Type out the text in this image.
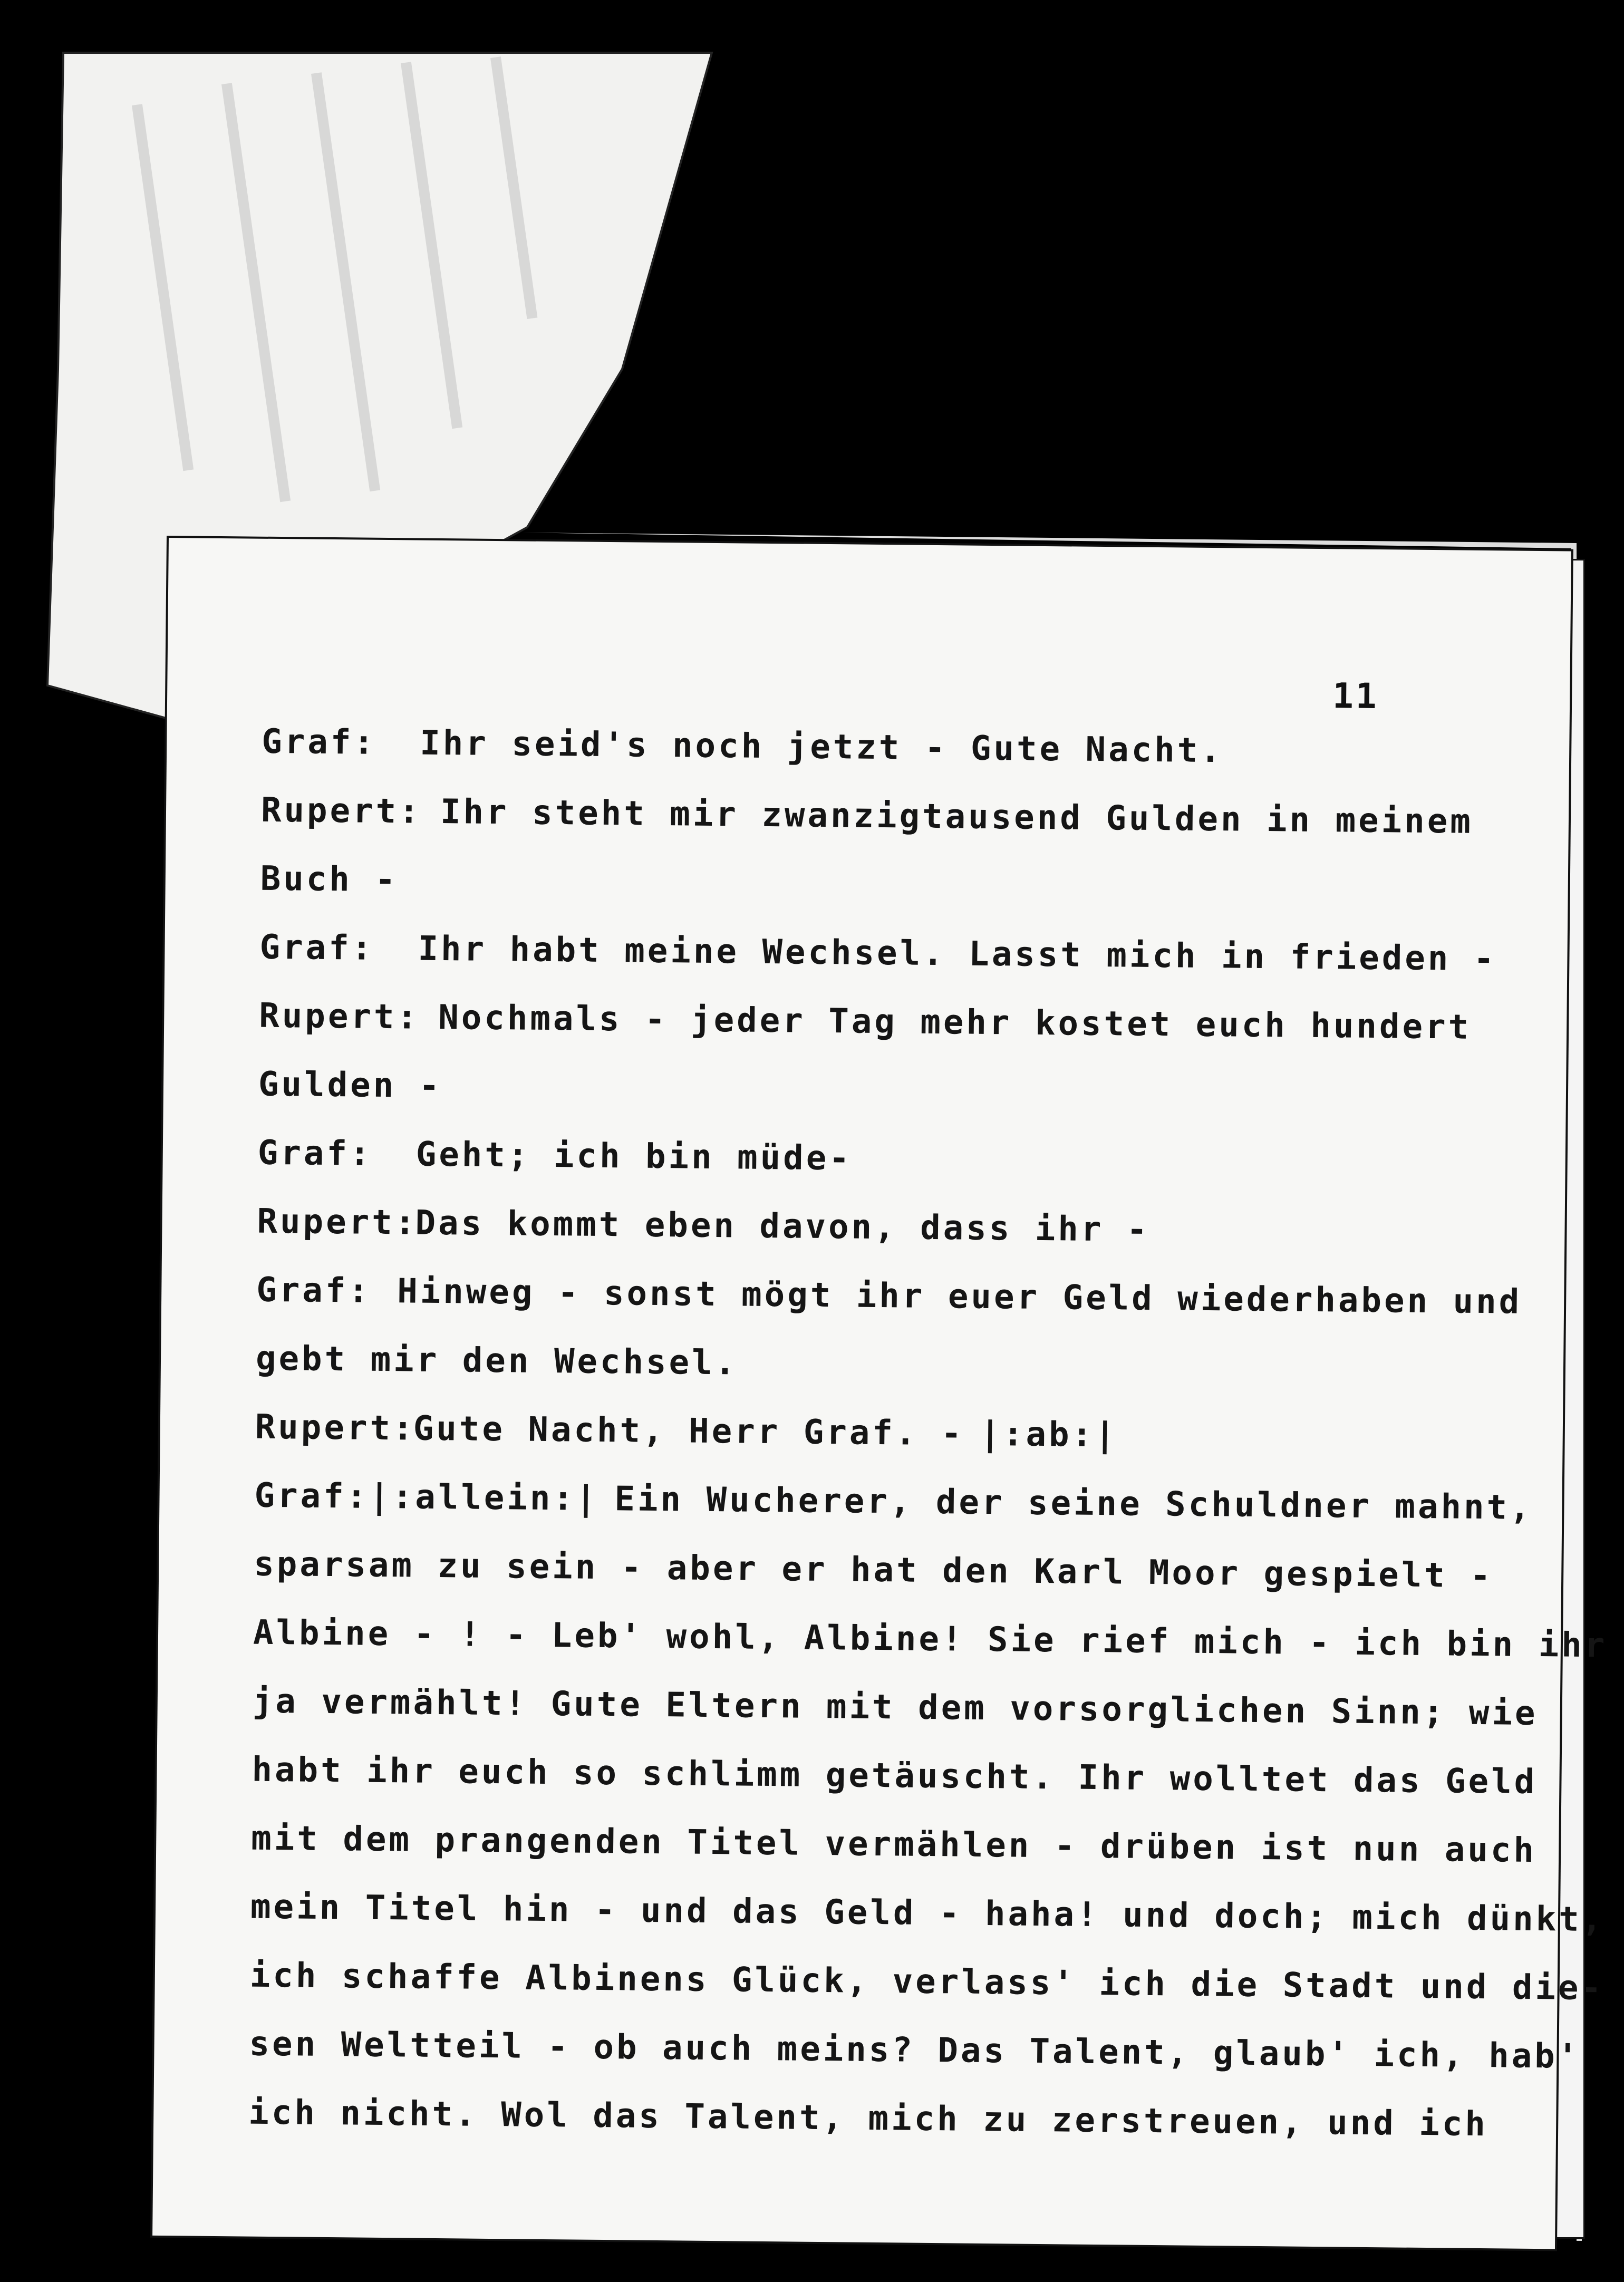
11
Graf:	Ihr seid's noch jetzt - Gute Nacht.
Rupert: Ihr steht mir zwanzigtausend Gulden in meinem
Buch -
Graf:	Ihr habt meine Wechsel. Lasst mich in frieden -
Rupert: Nochmals - jeder Tag mehr kostet euch hundert
Gulden -
Graf:	Geht; ich bin müde-
Rupert:
Das kommt eben davon, dass ihr -
Graf: Hinweg - sonst mögt ihr euer Geld wiederhaben und
gebt mir den Wechsel.
Rupert:
Gute Nacht, Herr Graf. - |:ab:|
Graf: |:allein:| Ein Wucherer, der seine Schuldner mahnt,
sparsam zu sein - aber er hat den Karl Moor gespielt -
Albine - ! - Leb' wohl, Albine! Sie rief mich - ich bin ihr
ja vermählt! Gute Eltern mit dem vorsorglichen Sinn; wie
habt ihr euch so schlimm getäuscht. Ihr wolltet das Geld
mit dem prangenden Titel vermählen - drüben ist nun auch
mein Titel hin - und das Geld - haha! und doch; mich dünkt,
ich schaffe Albinens Glück, verlass' ich die Stadt und die-
sen Weltteil - ob auch meins? Das Talent, glaub' ich, hab'
ich nicht. Wol das Talent, mich zu zerstreuen, und ich
